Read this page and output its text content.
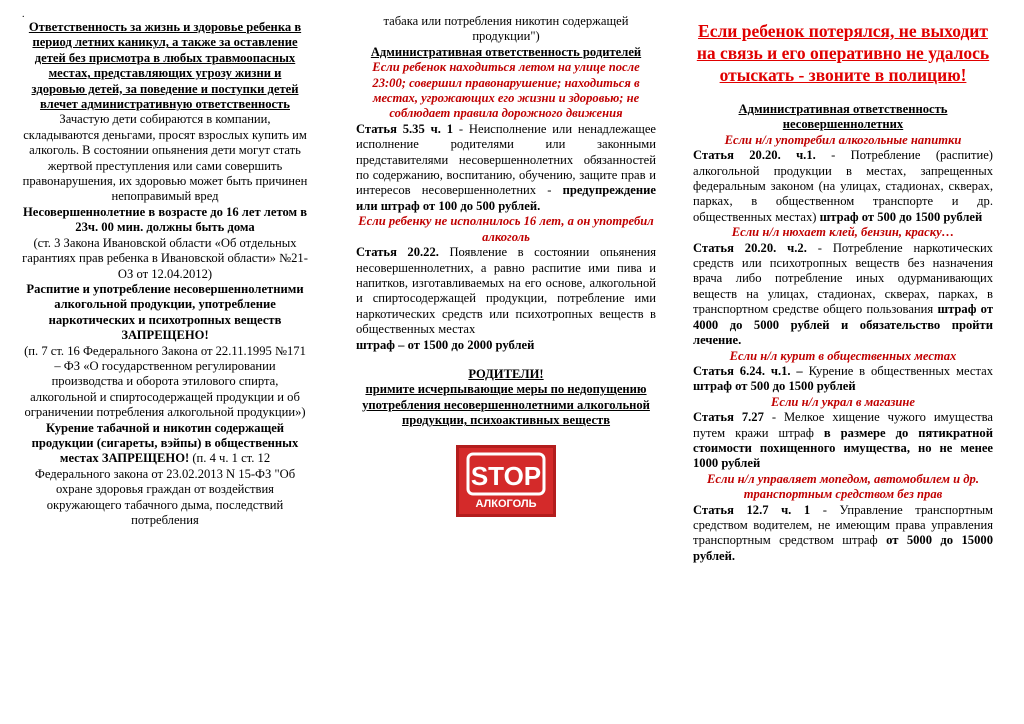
.

Ответственность за жизнь и здоровье ребенка в период летних каникул, а также за оставление детей без присмотра в любых травмоопасных местах, представляющих угрозу жизни и здоровью детей, за поведение и поступки детей влечет административную ответственность

Зачастую дети собираются в компании, складываются деньгами, просят взрослых купить им алкоголь. В состоянии опьянения дети могут стать жертвой преступления или сами совершить правонарушения, их здоровью может быть причинен непоправимый вред

Несовершеннолетние в возрасте до 16 лет летом в 23ч. 00 мин. должны быть дома

(ст. 3 Закона Ивановской области «Об отдельных гарантиях прав ребенка в Ивановской области» №21-ОЗ от 12.04.2012)

Распитие и употребление несовершеннолетними алкогольной продукции, употребление наркотических и психотропных веществ ЗАПРЕЩЕНО!

(п. 7 ст. 16 Федерального Закона от 22.11.1995 №171 – ФЗ «О государственном регулировании производства и оборота этилового спирта, алкогольной и спиртосодержащей продукции и об ограничении потребления алкогольной продукции»)

Курение табачной и никотин содержащей продукции (сигареты, вэйпы) в общественных местах ЗАПРЕЩЕНО! (п. 4 ч. 1 ст. 12 Федерального закона от 23.02.2013 N 15-ФЗ "Об охране здоровья граждан от воздействия окружающего табачного дыма, последствий потребления

табака или потребления никотин содержащей продукции")

Административная ответственность родителей

Если ребенок находиться летом на улице после 23:00; совершил правонарушение; находиться в местах, угрожающих его жизни и здоровью; не соблюдает правила дорожного движения

Статья 5.35 ч. 1 - Неисполнение или ненадлежащее исполнение родителями или законными представителями несовершеннолетних обязанностей по содержанию, воспитанию, обучению, защите прав и интересов несовершеннолетних - предупреждение или штраф от 100 до 500 рублей.

Если ребенку не исполнилось 16 лет, а он употребил алкоголь

Статья 20.22. Появление в состоянии опьянения несовершеннолетних, а равно распитие ими пива и напитков, изготавливаемых на его основе, алкогольной и спиртосодержащей продукции, потребление ими наркотических средств или психотропных веществ в общественных местах

штраф – от 1500 до 2000 рублей

РОДИТЕЛИ!

примите исчерпывающие меры по недопущению употребления несовершеннолетними алкогольной продукции, психоактивных веществ

STOP
АЛКОГОЛЬ

Если ребенок потерялся, не выходит на связь и его оперативно не удалось отыскать - звоните в полицию!

Административная ответственность несовершеннолетних

Если н/л употребил алкогольные напитки

Статья 20.20. ч.1. - Потребление (распитие) алкогольной продукции в местах, запрещенных федеральным законом (на улицах, стадионах, скверах, парках, в общественном транспорте и др. общественных местах) штраф от 500 до 1500 рублей

Если н/л нюхает клей, бензин, краску…

Статья 20.20. ч.2. - Потребление наркотических средств или психотропных веществ без назначения врача либо потребление иных одурманивающих веществ на улицах, стадионах, скверах, парках, в транспортном средстве общего пользования штраф от 4000 до 5000 рублей и обязательство пройти лечение.

Если н/л курит в общественных местах

Статья 6.24. ч.1. – Курение в общественных местах штраф от 500 до 1500 рублей

Если н/л украл в магазине

Статья 7.27 - Мелкое хищение чужого имущества путем кражи штраф в размере до пятикратной стоимости похищенного имущества, но не менее 1000 рублей

Если н/л управляет мопедом, автомобилем и др. транспортным средством без прав

Статья 12.7 ч. 1 - Управление транспортным средством водителем, не имеющим права управления транспортным средством штраф от 5000 до 15000 рублей.
